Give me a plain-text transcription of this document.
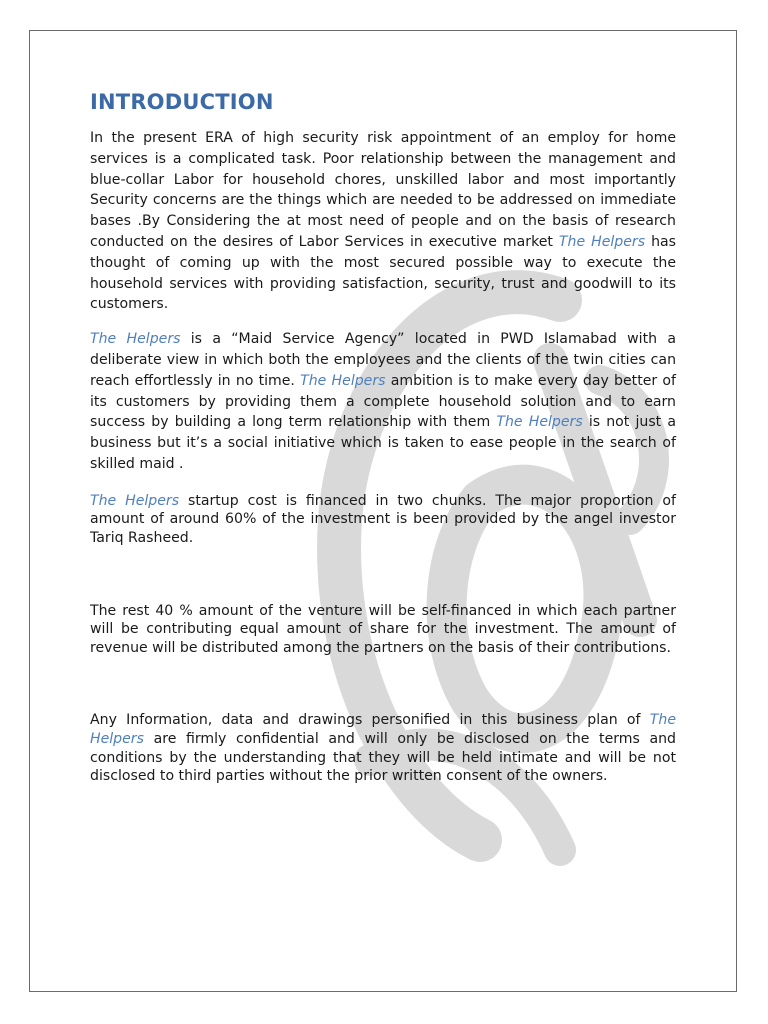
INTRODUCTION

In the present ERA of high security risk appointment of an employ for home services is a complicated task. Poor relationship between the management and blue-collar Labor for household chores, unskilled labor and most importantly Security concerns are the things which are needed to be addressed on immediate bases .By Considering the at most need of people and on the basis of research conducted on the desires of Labor Services in executive market The Helpers has thought of coming up with the most secured possible way to execute the household services with providing satisfaction, security, trust and goodwill to its customers.

The Helpers is a “Maid Service Agency” located in PWD Islamabad with a deliberate view in which both the employees and the clients of the twin cities can reach effortlessly in no time. The Helpers ambition is to make every day better of its customers by providing them a complete household solution and to earn success by building a long term relationship with them The Helpers is not just a business but it’s a social initiative which is taken to ease people in the search of skilled maid .

The Helpers startup cost is financed in two chunks. The major proportion of amount of around 60% of the investment is been provided by the angel investor Tariq Rasheed.

The rest 40 % amount of the venture will be self-financed in which each partner will be contributing equal amount of share for the investment. The amount of revenue will be distributed among the partners on the basis of their contributions.

Any Information, data and drawings personified in this business plan of The Helpers are firmly confidential and will only be disclosed on the terms and conditions by the understanding that they will be held intimate and will be not disclosed to third parties without the prior written consent of the owners.
